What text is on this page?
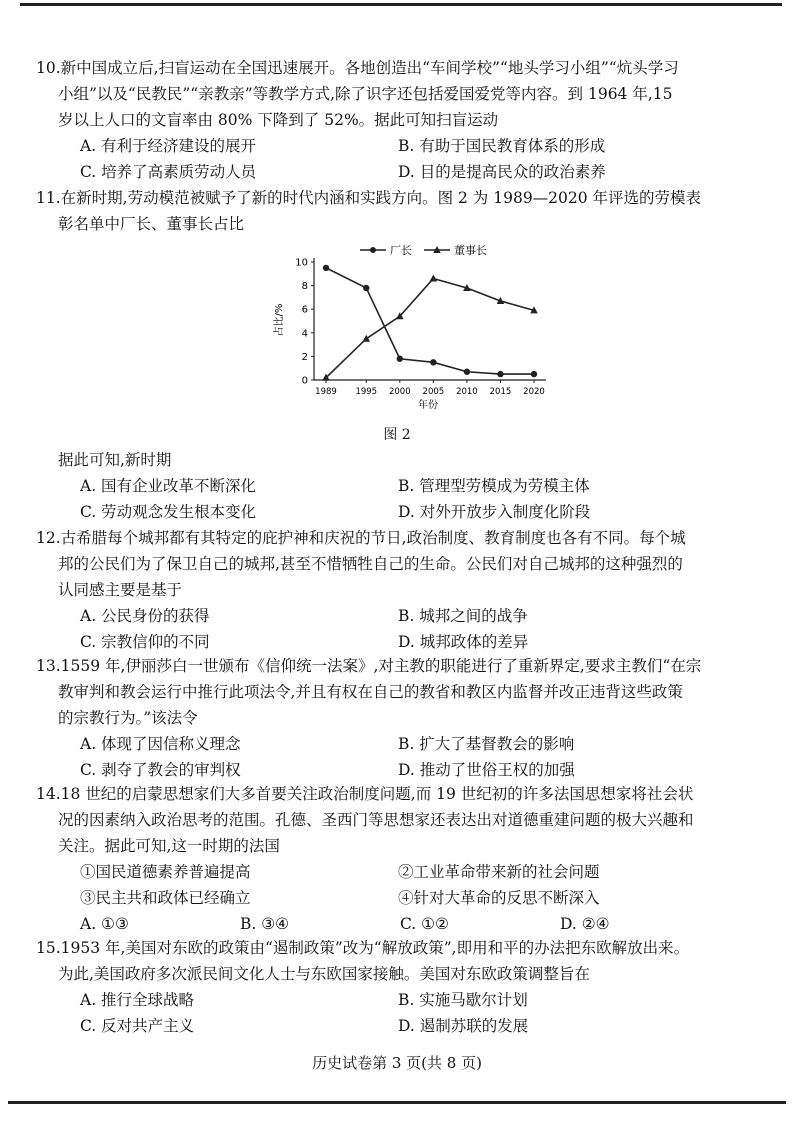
10.新中国成立后,扫盲运动在全国迅速展开。各地创造出“车间学校”“地头学习小组”“炕头学习
小组”以及“民教民”“亲教亲”等教学方式,除了识字还包括爱国爱党等内容。到 1964 年,15
岁以上人口的文盲率由 80% 下降到了 52%。据此可知扫盲运动

A. 有利于经济建设的展开	B. 有助于国民教育体系的形成
C. 培养了高素质劳动人员	D. 目的是提高民众的政治素养

11.在新时期,劳动模范被赋予了新的时代内涵和实践方向。图 2 为 1989—2020 年评选的劳模表
彰名单中厂长、董事长占比

0
2
4
6
8
10
1989 1995 2000 2005 2010 2015 2020
厂长	董事长
占比/%
年份
图 2

据此可知,新时期

A. 国有企业改革不断深化	B. 管理型劳模成为劳模主体
C. 劳动观念发生根本变化	D. 对外开放步入制度化阶段

12.古希腊每个城邦都有其特定的庇护神和庆祝的节日,政治制度、教育制度也各有不同。每个城
邦的公民们为了保卫自己的城邦,甚至不惜牺牲自己的生命。公民们对自己城邦的这种强烈的
认同感主要是基于

A. 公民身份的获得	B. 城邦之间的战争
C. 宗教信仰的不同	D. 城邦政体的差异

13.1559 年,伊丽莎白一世颁布《信仰统一法案》,对主教的职能进行了重新界定,要求主教们“在宗
教审判和教会运行中推行此项法令,并且有权在自己的教省和教区内监督并改正违背这些政策
的宗教行为。”该法令

A. 体现了因信称义理念	B. 扩大了基督教会的影响
C. 剥夺了教会的审判权	D. 推动了世俗王权的加强

14.18 世纪的启蒙思想家们大多首要关注政治制度问题,而 19 世纪初的许多法国思想家将社会状
况的因素纳入政治思考的范围。孔德、圣西门等思想家还表达出对道德重建问题的极大兴趣和
关注。据此可知,这一时期的法国

①国民道德素养普遍提高	②工业革命带来新的社会问题
③民主共和政体已经确立	④针对大革命的反思不断深入
A. ①③	B. ③④	C. ①②	D. ②④

15.1953 年,美国对东欧的政策由“遏制政策”改为“解放政策”,即用和平的办法把东欧解放出来。
为此,美国政府多次派民间文化人士与东欧国家接触。美国对东欧政策调整旨在

A. 推行全球战略	B. 实施马歇尔计划
C. 反对共产主义	D. 遏制苏联的发展
历史试卷第 3 页(共 8 页)
